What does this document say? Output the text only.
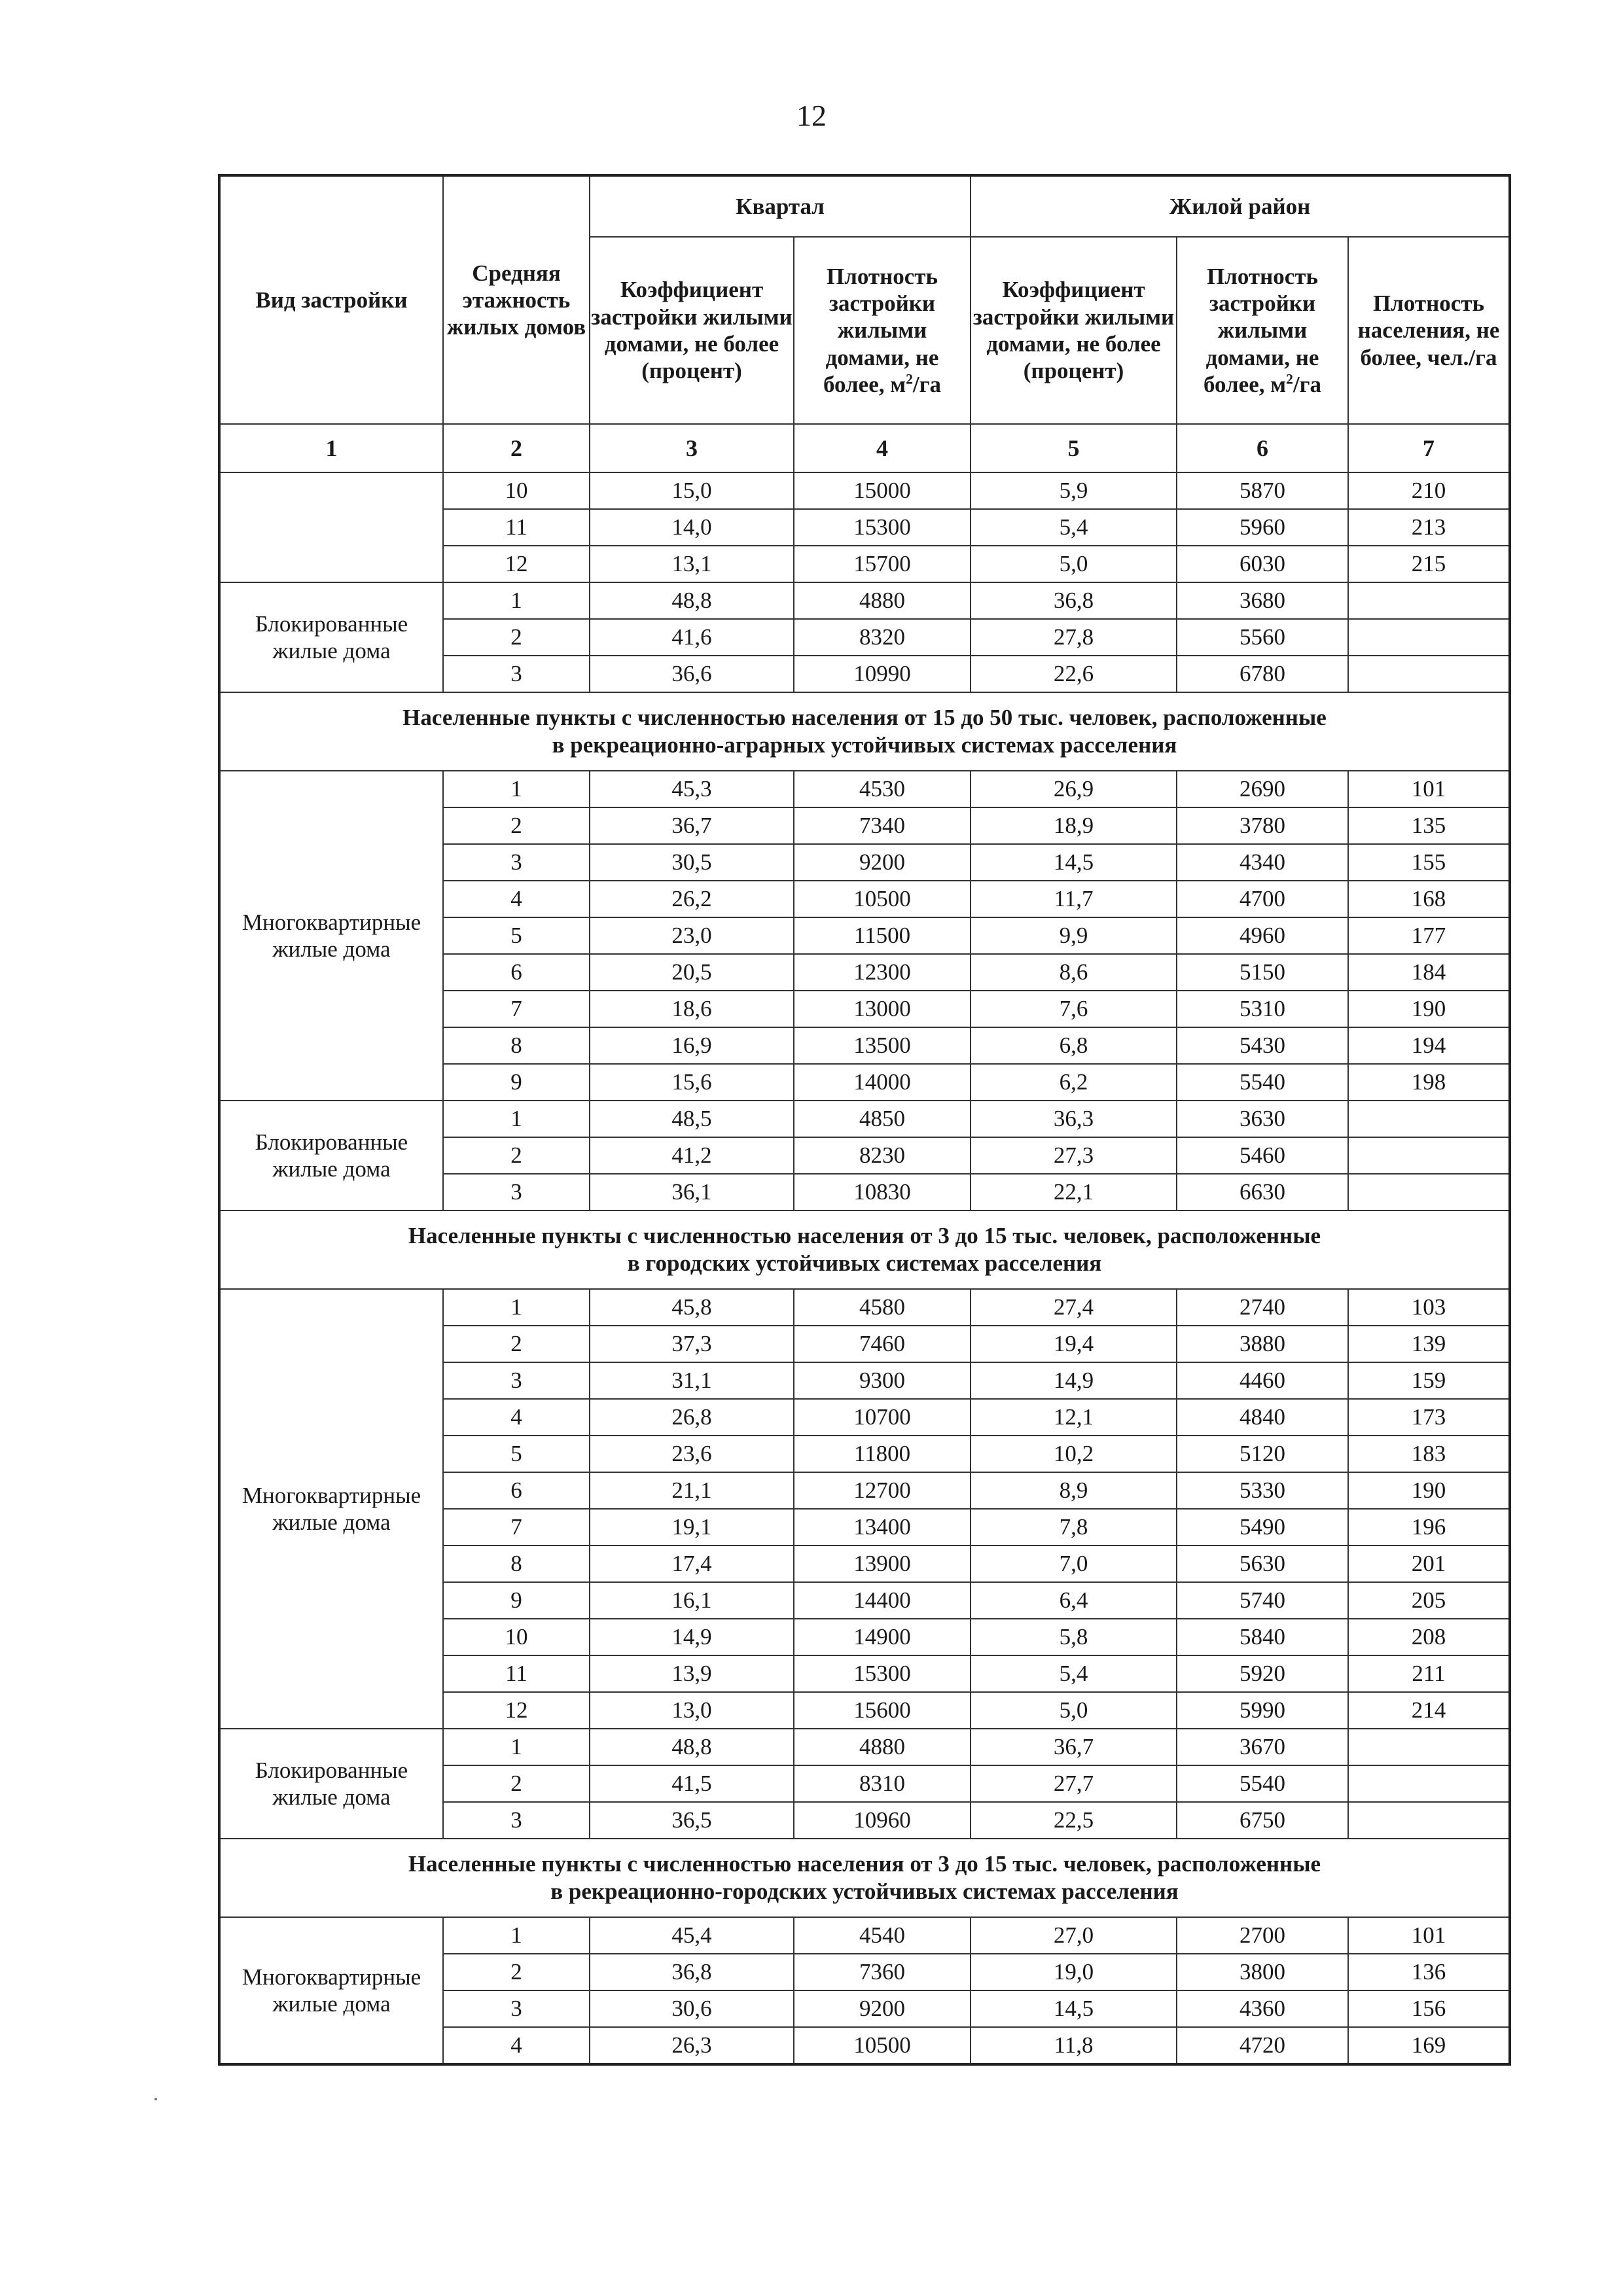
12
Вид застройки	Средняя этажность жилых домов	Квартал		Жилой район		
		Коэффициент застройки жилыми домами, не более (процент)	Плотность застройки жилыми домами, не более, $м^2/га$	Коэффициент застройки жилыми домами, не более (процент)	Плотность застройки жилыми домами, не более, $м^2/га$	Плотность населения, не более, чел./га
1	2	3	4	5	6	7
	10	15,0	15000	5,9	5870	210
	11	14,0	15300	5,4	5960	213
	12	13,1	15700	5,0	6030	215
Блокированные жилые дома	1	48,8	4880	36,8	3680	
	2	41,6	8320	27,8	5560	
	3	36,6	10990	22,6	6780	

Населенные пункты с численностью населения от 15 до 50 тыс. человек, расположенные
в рекреационно-аграрных устойчивых системах расселения						

Многоквартирные жилые дома	1	45,3	4530	26,9	2690	101
	2	36,7	7340	18,9	3780	135
	3	30,5	9200	14,5	4340	155
	4	26,2	10500	11,7	4700	168
	5	23,0	11500	9,9	4960	177
	6	20,5	12300	8,6	5150	184
	7	18,6	13000	7,6	5310	190
	8	16,9	13500	6,8	5430	194
	9	15,6	14000	6,2	5540	198
Блокированные жилые дома	1	48,5	4850	36,3	3630	
	2	41,2	8230	27,3	5460	
	3	36,1	10830	22,1	6630	

Населенные пункты с численностью населения от 3 до 15 тыс. человек, расположенные
в городских устойчивых системах расселения						

Многоквартирные жилые дома	1	45,8	4580	27,4	2740	103
	2	37,3	7460	19,4	3880	139
	3	31,1	9300	14,9	4460	159
	4	26,8	10700	12,1	4840	173
	5	23,6	11800	10,2	5120	183
	6	21,1	12700	8,9	5330	190
	7	19,1	13400	7,8	5490	196
	8	17,4	13900	7,0	5630	201
	9	16,1	14400	6,4	5740	205
	10	14,9	14900	5,8	5840	208
	11	13,9	15300	5,4	5920	211
	12	13,0	15600	5,0	5990	214
Блокированные жилые дома	1	48,8	4880	36,7	3670	
	2	41,5	8310	27,7	5540	
	3	36,5	10960	22,5	6750	

Населенные пункты с численностью населения от 3 до 15 тыс. человек, расположенные
в рекреационно-городских устойчивых системах расселения						

Многоквартирные жилые дома	1	45,4	4540	27,0	2700	101
	2	36,8	7360	19,0	3800	136
	3	30,6	9200	14,5	4360	156
	4	26,3	10500	11,8	4720	169
